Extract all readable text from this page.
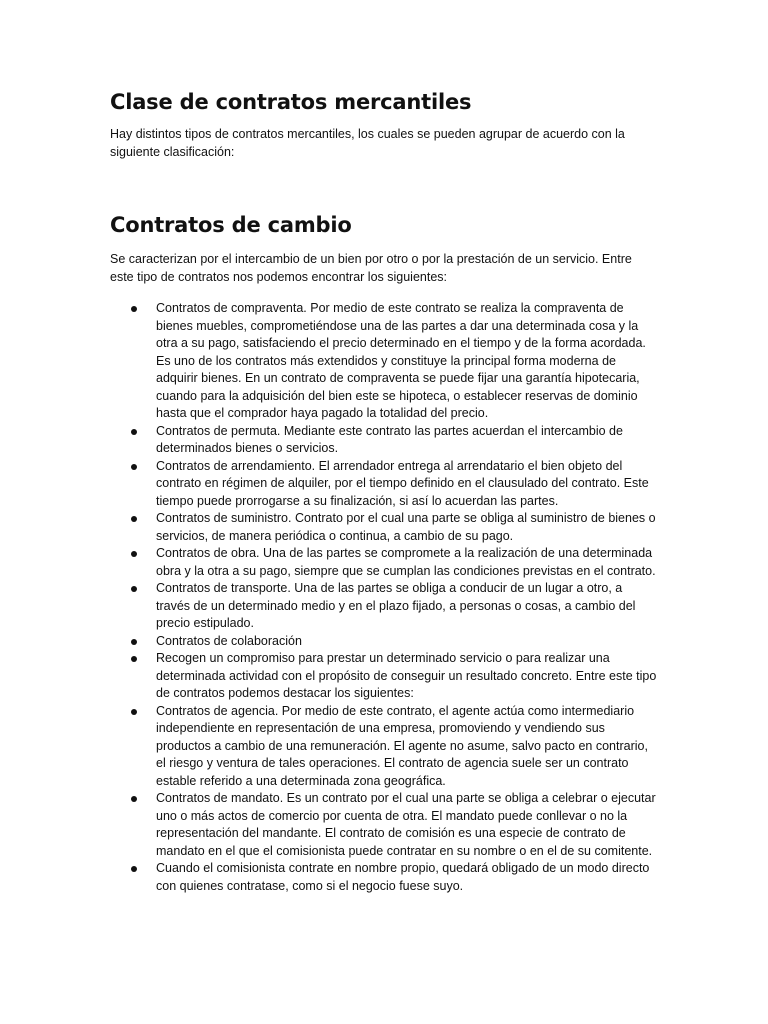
Clase de contratos mercantiles

Hay distintos tipos de contratos mercantiles, los cuales se pueden agrupar de acuerdo con la siguiente clasificación:

Contratos de cambio

Se caracterizan por el intercambio de un bien por otro o por la prestación de un servicio. Entre este tipo de contratos nos podemos encontrar los siguientes:

Contratos de compraventa. Por medio de este contrato se realiza la compraventa de bienes muebles, comprometiéndose una de las partes a dar una determinada cosa y la otra a su pago, satisfaciendo el precio determinado en el tiempo y de la forma acordada. Es uno de los contratos más extendidos y constituye la principal forma moderna de adquirir bienes. En un contrato de compraventa se puede fijar una garantía hipotecaria, cuando para la adquisición del bien este se hipoteca, o establecer reservas de dominio hasta que el comprador haya pagado la totalidad del precio.
Contratos de permuta. Mediante este contrato las partes acuerdan el intercambio de determinados bienes o servicios.
Contratos de arrendamiento. El arrendador entrega al arrendatario el bien objeto del contrato en régimen de alquiler, por el tiempo definido en el clausulado del contrato. Este tiempo puede prorrogarse a su finalización, si así lo acuerdan las partes.
Contratos de suministro. Contrato por el cual una parte se obliga al suministro de bienes o servicios, de manera periódica o continua, a cambio de su pago.
Contratos de obra. Una de las partes se compromete a la realización de una determinada obra y la otra a su pago, siempre que se cumplan las condiciones previstas en el contrato.
Contratos de transporte. Una de las partes se obliga a conducir de un lugar a otro, a través de un determinado medio y en el plazo fijado, a personas o cosas, a cambio del precio estipulado.
Contratos de colaboración
Recogen un compromiso para prestar un determinado servicio o para realizar una determinada actividad con el propósito de conseguir un resultado concreto. Entre este tipo de contratos podemos destacar los siguientes:
Contratos de agencia. Por medio de este contrato, el agente actúa como intermediario independiente en representación de una empresa, promoviendo y vendiendo sus productos a cambio de una remuneración. El agente no asume, salvo pacto en contrario, el riesgo y ventura de tales operaciones. El contrato de agencia suele ser un contrato estable referido a una determinada zona geográfica.
Contratos de mandato. Es un contrato por el cual una parte se obliga a celebrar o ejecutar uno o más actos de comercio por cuenta de otra. El mandato puede conllevar o no la representación del mandante. El contrato de comisión es una especie de contrato de mandato en el que el comisionista puede contratar en su nombre o en el de su comitente.
Cuando el comisionista contrate en nombre propio, quedará obligado de un modo directo con quienes contratase, como si el negocio fuese suyo.
